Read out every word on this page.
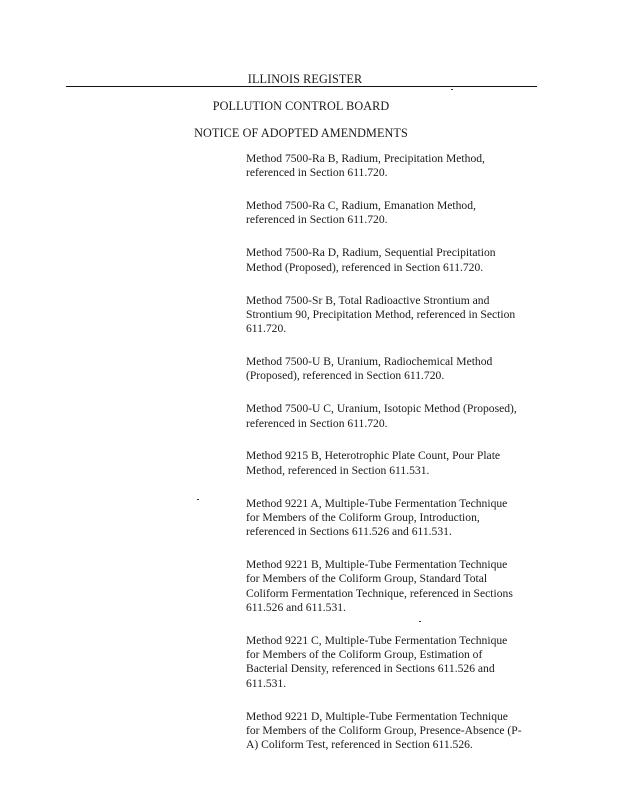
ILLINOIS REGISTER
POLLUTION CONTROL BOARD
NOTICE OF ADOPTED AMENDMENTS
Method 7500-Ra B, Radium, Precipitation Method,
referenced in Section 611.720.
Method 7500-Ra C, Radium, Emanation Method,
referenced in Section 611.720.
Method 7500-Ra D, Radium, Sequential Precipitation
Method (Proposed), referenced in Section 611.720.
Method 7500-Sr B, Total Radioactive Strontium and
Strontium 90, Precipitation Method, referenced in Section
611.720.
Method 7500-U B, Uranium, Radiochemical Method
(Proposed), referenced in Section 611.720.
Method 7500-U C, Uranium, Isotopic Method (Proposed),
referenced in Section 611.720.
Method 9215 B, Heterotrophic Plate Count, Pour Plate
Method, referenced in Section 611.531.
Method 9221 A, Multiple-Tube Fermentation Technique
for Members of the Coliform Group, Introduction,
referenced in Sections 611.526 and 611.531.
Method 9221 B, Multiple-Tube Fermentation Technique
for Members of the Coliform Group, Standard Total
Coliform Fermentation Technique, referenced in Sections
611.526 and 611.531.
Method 9221 C, Multiple-Tube Fermentation Technique
for Members of the Coliform Group, Estimation of
Bacterial Density, referenced in Sections 611.526 and
611.531.
Method 9221 D, Multiple-Tube Fermentation Technique
for Members of the Coliform Group, Presence-Absence (P-
A) Coliform Test, referenced in Section 611.526.
